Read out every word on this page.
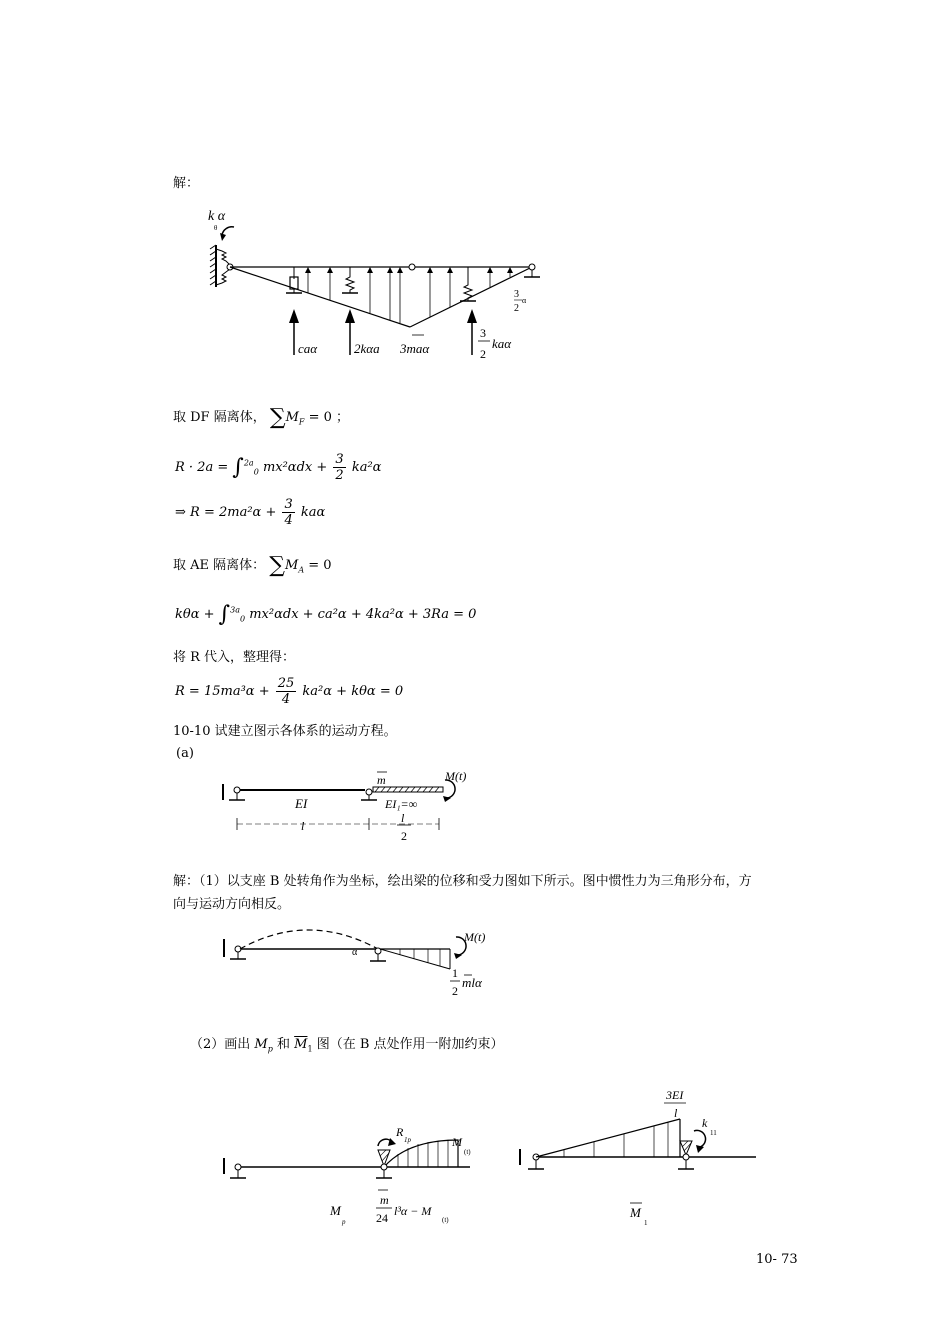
解：
k α
θ
3
α
2
caα	2kαa 3maα
3
2
kaα
取 DF 隔离体， $\sum M_F = 0$ ；
R · 2a = ∫$^{2a}_0$ $mx^2\alpha dx + \frac{3}{2} ka^2\alpha$
⇒ $R = 2ma^2\alpha + \frac{3}{4}$ kaα
取 AE 隔离体： $\sum M_A = 0$
kθα + ∫$^{3a}_0$ mx²αdx + ca²α + 4ka²α + 3Ra = 0
将 R 代入，整理得：
$R = 15ma^3\alpha + \frac{25}{4} ka^2\alpha + k\theta\alpha = 0$
10-10 试建立图示各体系的运动方程。
(a)
m	M(t)
EI	EI₁=∞
l
l
2
解：（1）以支座 B 处转角作为坐标，绘出梁的位移和受力图如下所示。图中惯性力为三角形分布，方
向与运动方向相反。
α
M(t)
1
2
mlα
（2）画出 $M_p$ 和 $\overline{M}_1$ 图（在 B 点处作用一附加约束）
R
1p	M
(t)
m
24 l³α − M
(t)
M
p
3EI
l
k
11
M
1
10- 73
